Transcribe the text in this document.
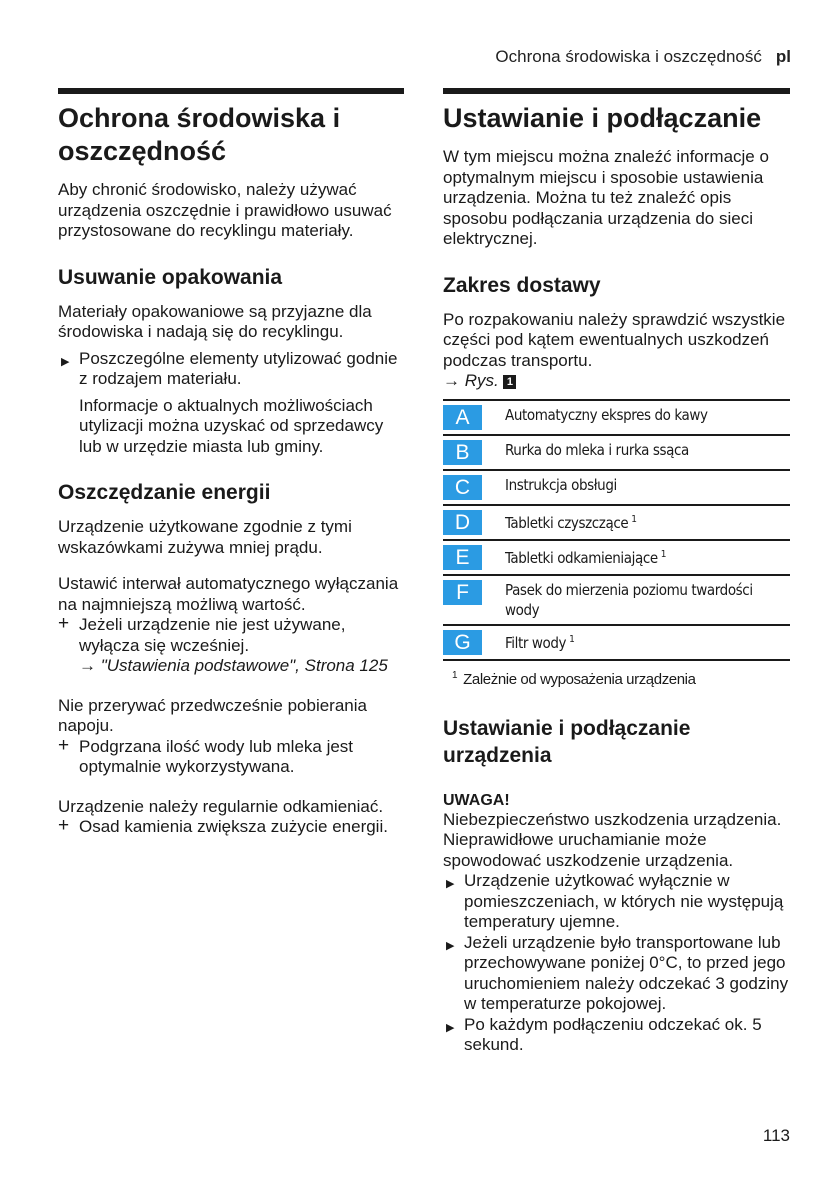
Ochrona środowiska i oszczędność pl
Ochrona środowiska i oszczędność

Aby chronić środowisko, należy używać urządzenia oszczędnie i prawidłowo usuwać przystosowane do recyklingu materiały.

Usuwanie opakowania

Materiały opakowaniowe są przyjazne dla środowiska i nadają się do recyklingu.

▶ Poszczególne elementy utylizować godnie z rodzajem materiału.
Informacje o aktualnych możliwościach utylizacji można uzyskać od sprzedawcy lub w urzędzie miasta lub gminy.
Oszczędzanie energii

Urządzenie użytkowane zgodnie z tymi wskazówkami zużywa mniej prądu.

Ustawić interwał automatycznego wyłączania na najmniejszą możliwą wartość.

+ Jeżeli urządzenie nie jest używane, wyłącza się wcześniej.
→ "Ustawienia podstawowe", Strona 125

Nie przerywać przedwcześnie pobierania napoju.

+ Podgrzana ilość wody lub mleka jest optymalnie wykorzystywana.

Urządzenie należy regularnie odkamieniać.

+ Osad kamienia zwiększa zużycie energii.
Ustawianie i podłączanie

W tym miejscu można znaleźć informacje o optymalnym miejscu i sposobie ustawienia urządzenia. Można tu też znaleźć opis sposobu podłączania urządzenia do sieci elektrycznej.

Zakres dostawy

Po rozpakowaniu należy sprawdzić wszystkie części pod kątem ewentualnych uszkodzeń podczas transportu.
→ Rys. 1

A	Automatyczny ekspres do kawy

B	Rurka do mleka i rurka ssąca

C	Instrukcja obsługi

D	Tabletki czyszczące $^1$

E	Tabletki odkamieniające $^1$

F	Pasek do mierzenia poziomu twardości wody

G	Filtr wody $^1$
$^1$ Zależnie od wyposażenia urządzenia
Ustawianie i podłączanie urządzenia
UWAGA!

Niebezpieczeństwo uszkodzenia urządzenia. Nieprawidłowe uruchamianie może spowodować uszkodzenie urządzenia.

▶ Urządzenie użytkować wyłącznie w pomieszczeniach, w których nie występują temperatury ujemne.
▶ Jeżeli urządzenie było transportowane lub przechowywane poniżej 0°C, to przed jego uruchomieniem należy odczekać 3 godziny w temperaturze pokojowej.
▶ Po każdym podłączeniu odczekać ok. 5 sekund.
113
